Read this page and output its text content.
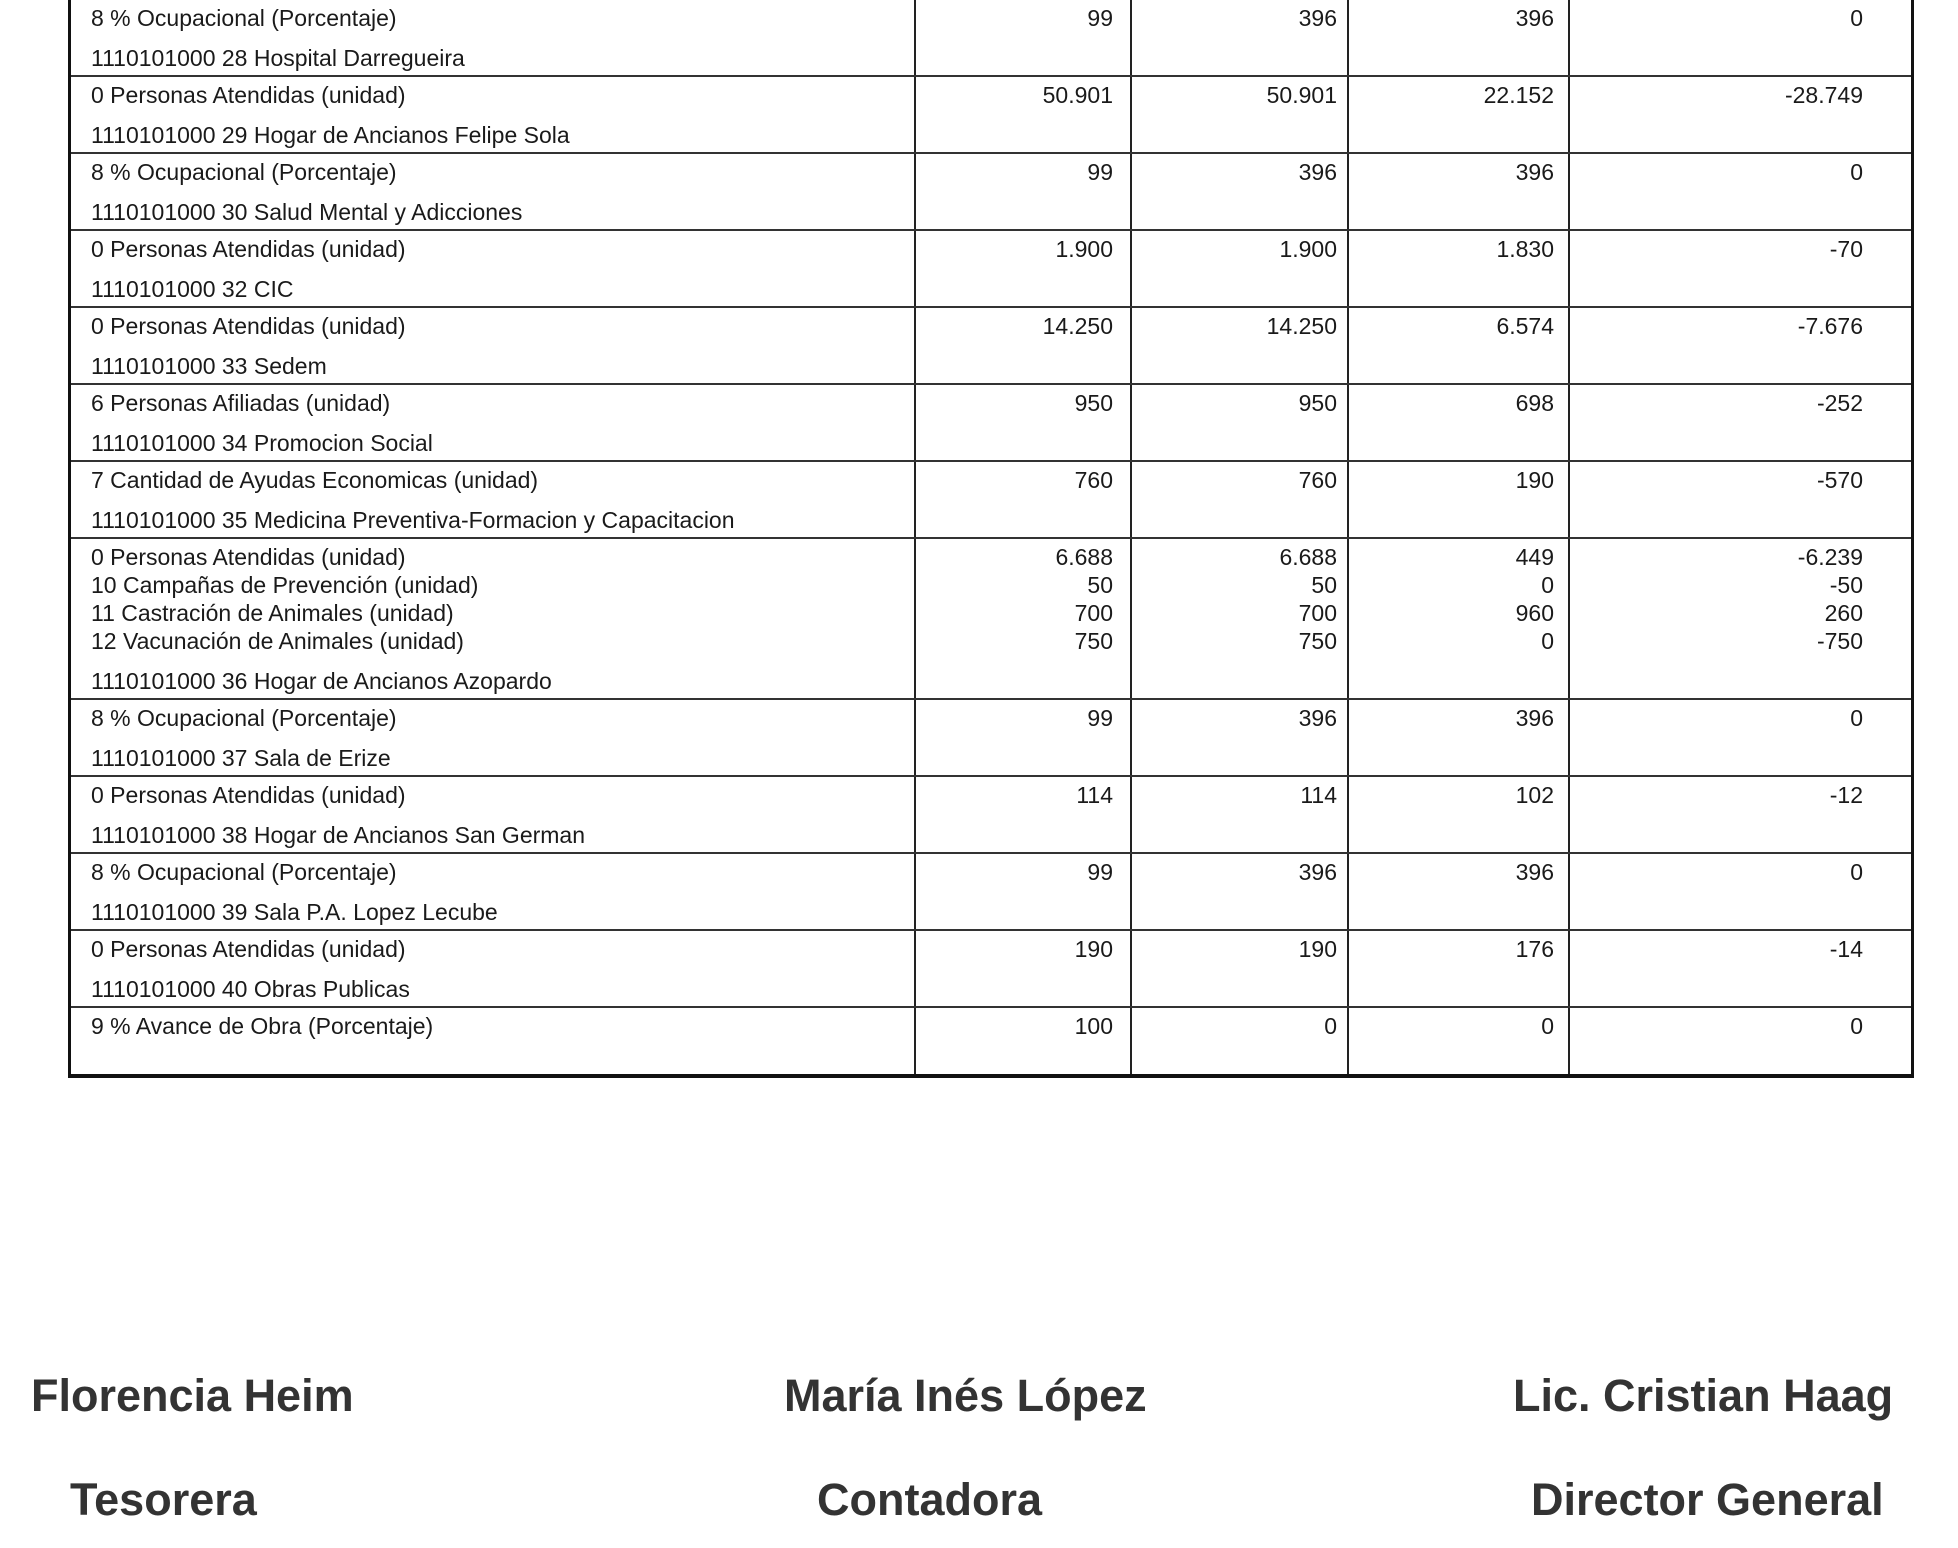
8 % Ocupacional (Porcentaje)	99	396	396	0
1110101000 28 Hospital Darregueira
0 Personas Atendidas (unidad)	50.901	50.901	22.152	-28.749
1110101000 29 Hogar de Ancianos Felipe Sola
8 % Ocupacional (Porcentaje)	99	396	396	0
1110101000 30 Salud Mental y Adicciones
0 Personas Atendidas (unidad)	1.900	1.900	1.830	-70
1110101000 32 CIC
0 Personas Atendidas (unidad)	14.250	14.250	6.574	-7.676
1110101000 33 Sedem
6 Personas Afiliadas (unidad)	950	950	698	-252
1110101000 34 Promocion Social
7 Cantidad de Ayudas Economicas (unidad)	760	760	190	-570
1110101000 35 Medicina Preventiva-Formacion y Capacitacion
0 Personas Atendidas (unidad)	6.688	6.688	449	-6.239
10 Campañas de Prevención (unidad)	50	50	0	-50
11 Castración de Animales (unidad)	700	700	960	260
12 Vacunación de Animales (unidad)	750	750	0	-750
1110101000 36 Hogar de Ancianos Azopardo
8 % Ocupacional (Porcentaje)	99	396	396	0
1110101000 37 Sala de Erize
0 Personas Atendidas (unidad)	114	114	102	-12
1110101000 38 Hogar de Ancianos San German
8 % Ocupacional (Porcentaje)	99	396	396	0
1110101000 39 Sala P.A. Lopez Lecube
0 Personas Atendidas (unidad)	190	190	176	-14
1110101000 40 Obras Publicas
9 % Avance de Obra (Porcentaje)	100	0	0	0
Florencia Heim
Tesorera
María Inés López
Contadora
Lic. Cristian Haag
Director General
